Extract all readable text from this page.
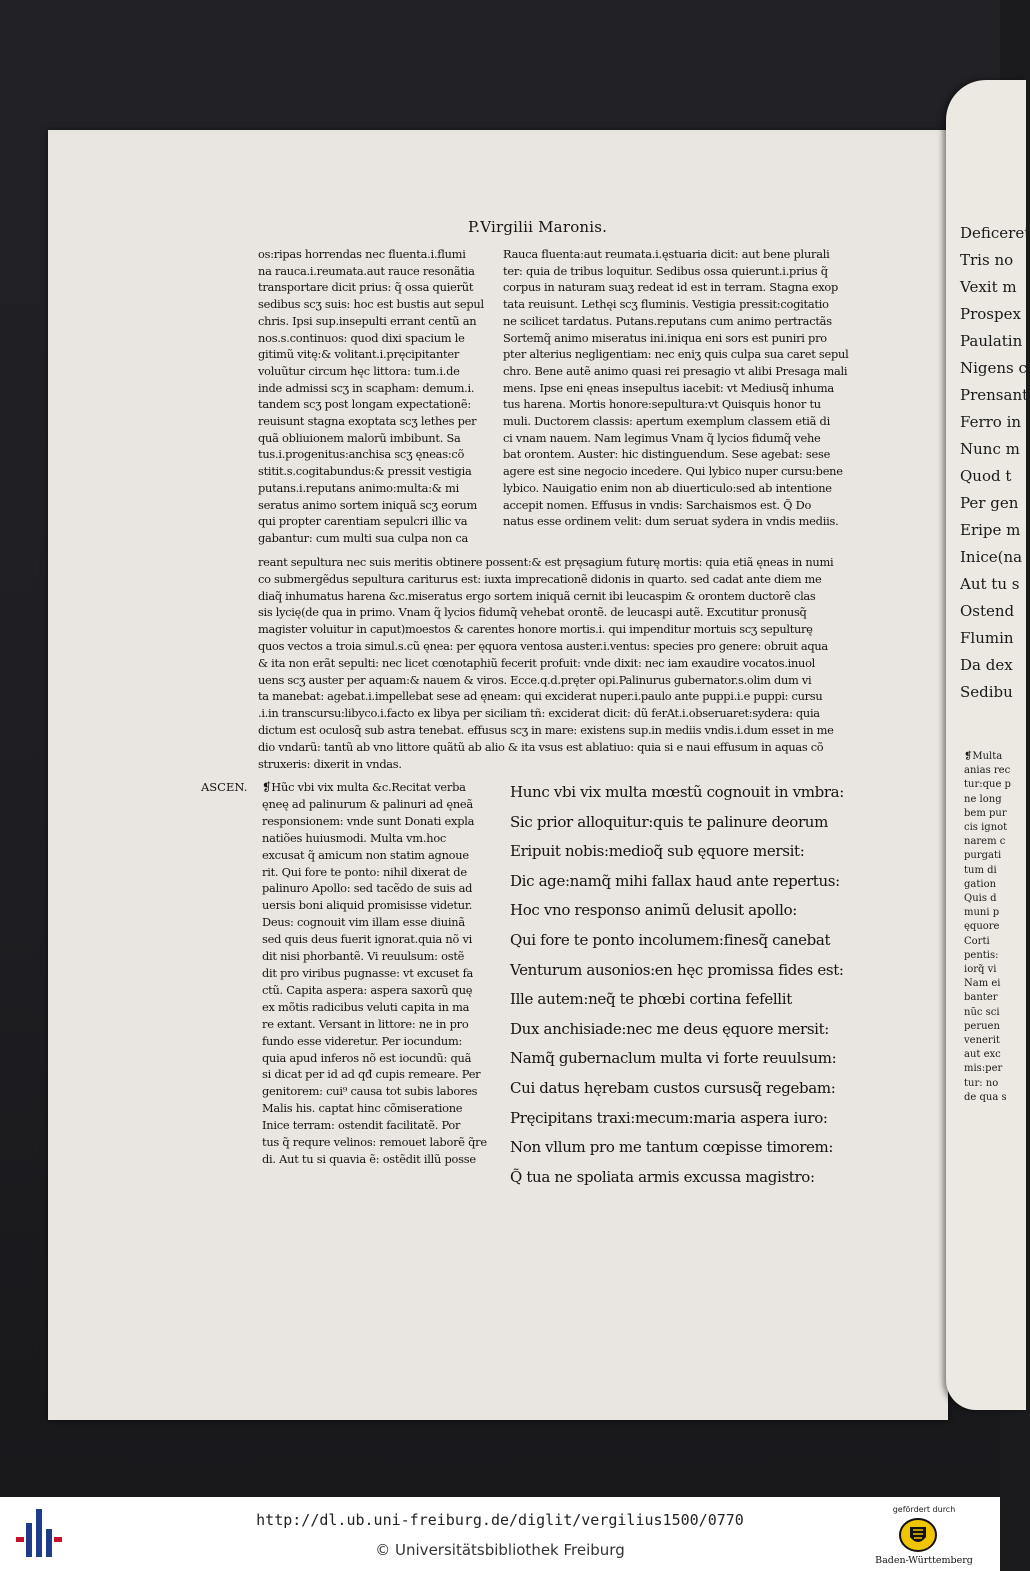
P.Virgilii Maronis.
os:ripas horrendas nec fluenta.i.flumi
na rauca.i.reumata.aut rauce resonãtia
transportare dicit prius: q̃ ossa quierũt
sedibus scʒ suis: hoc est bustis aut sepul
chris. Ipsi sup.insepulti errant centũ an
nos.s.continuos: quod dixi spacium le
gitimũ vitę:& volitant.i.pręcipitanter
voluũtur circum hęc littora: tum.i.de
inde admissi scʒ in scapham: demum.i.
tandem scʒ post longam expectationẽ:
reuisunt stagna exoptata scʒ lethes per
quã obliuionem malorũ imbibunt. Sa
tus.i.progenitus:anchisa scʒ ęneas:cõ
stitit.s.cogitabundus:& pressit vestigia
putans.i.reputans animo:multa:& mi
seratus animo sortem iniquã scʒ eorum
qui propter carentiam sepulcri illic va
gabantur: cum multi sua culpa non ca
Rauca fluenta:aut reumata.i.ęstuaria dicit: aut bene plurali
ter: quia de tribus loquitur. Sedibus ossa quierunt.i.prius q̃
corpus in naturam suaʒ redeat id est in terram. Stagna exop
tata reuisunt. Lethęi scʒ fluminis. Vestigia pressit:cogitatio
ne scilicet tardatus. Putans.reputans cum animo pertractãs
Sortemq̃ animo miseratus ini.iniqua eni sors est puniri pro
pter alterius negligentiam: nec eniʒ quis culpa sua caret sepul
chro. Bene autẽ animo quasi rei presagio vt alibi Presaga mali
mens. Ipse eni ęneas insepultus iacebit: vt Mediusq̃ inhuma
tus harena. Mortis honore:sepultura:vt Quisquis honor tu
muli. Ductorem classis: apertum exemplum classem etiã di
ci vnam nauem. Nam legimus Vnam q̃ lycios fidumq̃ vehe
bat orontem. Auster: hic distinguendum. Sese agebat: sese
agere est sine negocio incedere. Qui lybico nuper cursu:bene
lybico. Nauigatio enim non ab diuerticulo:sed ab intentione
accepit nomen. Effusus in vndis: Sarchaismos est. Q̃ Do
natus esse ordinem velit: dum seruat sydera in vndis mediis.
reant sepultura nec suis meritis obtinere possent:& est pręsagium futurę mortis: quia etiã ęneas in numi
co submergẽdus sepultura cariturus est: iuxta imprecationẽ didonis in quarto. sed cadat ante diem me
diaq̃ inhumatus harena &c.miseratus ergo sortem iniquã cernit ibi leucaspim & orontem ductorẽ clas
sis lycię(de qua in primo. Vnam q̃ lycios fidumq̃ vehebat orontẽ. de leucaspi autẽ. Excutitur pronusq̃
magister voluitur in caput)moestos & carentes honore mortis.i. qui impenditur mortuis scʒ sepulturę
quos vectos a troia simul.s.cũ ęnea: per ęquora ventosa auster.i.ventus: species pro genere: obruit aqua
& ita non erãt sepulti: nec licet cœnotaphiũ fecerit profuit: vnde dixit: nec iam exaudire vocatos.inuol
uens scʒ auster per aquam:& nauem & viros. Ecce.q.d.pręter opi.Palinurus gubernator.s.olim dum vi
ta manebat: agebat.i.impellebat sese ad ęneam: qui exciderat nuper.i.paulo ante puppi.i.e puppi: cursu
.i.in transcursu:libyco.i.facto ex libya per siciliam tñ: exciderat dicit: dũ ferAt.i.obseruaret:sydera: quia
dictum est oculosq̃ sub astra tenebat. effusus scʒ in mare: existens sup.in mediis vndis.i.dum esset in me
dio vndarũ: tantũ ab vno littore quãtũ ab alio & ita vsus est ablatiuo: quia si e naui effusum in aquas cõ
struxeris: dixerit in vndas.
ASCEN. ❡Hũc vbi vix multa &c.Recitat verba
ęneę ad palinurum & palinuri ad ęneã
responsionem: vnde sunt Donati expla
natiões huiusmodi. Multa vm.hoc
excusat q̃ amicum non statim agnoue
rit. Qui fore te ponto: nihil dixerat de
palinuro Apollo: sed tacẽdo de suis ad
uersis boni aliquid promisisse videtur.
Deus: cognouit vim illam esse diuinã
sed quis deus fuerit ignorat.quia nõ vi
dit nisi phorbantẽ. Vi reuulsum: ostẽ
dit pro viribus pugnasse: vt excuset fa
ctũ. Capita aspera: aspera saxorũ quę
ex mõtis radicibus veluti capita in ma
re extant. Versant in littore: ne in pro
fundo esse videretur. Per iocundum:
quia apud inferos nõ est iocundũ: quã
si dicat per id ad qđ cupis remeare. Per
genitorem: cui⁹ causa tot subis labores
Malis his. captat hinc cõmiseratione
Inice terram: ostendit facilitatẽ. Por
tus q̃ requre velinos: remouet laborẽ q̃re
di. Aut tu si quavia ẽ: ostẽdit illũ posse
Hunc vbi vix multa mœstũ cognouit in vmbra:
Sic prior alloquitur:quis te palinure deorum
Eripuit nobis:medioq̃ sub ęquore mersit:
Dic age:namq̃ mihi fallax haud ante repertus:
Hoc vno responso animũ delusit apollo:
Qui fore te ponto incolumem:finesq̃ canebat
Venturum ausonios:en hęc promissa fides est:
Ille autem:neq̃ te phœbi cortina fefellit
Dux anchisiade:nec me deus ęquore mersit:
Namq̃ gubernaclum multa vi forte reuulsum:
Cui datus hęrebam custos cursusq̃ regebam:
Pręcipitans traxi:mecum:maria aspera iuro:
Non vllum pro me tantum cœpisse timorem:
Q̃ tua ne spoliata armis excussa magistro:
Deficeret
Tris no
Vexit m
Prospex
Paulatin
Nigens c
Prensant
Ferro in
Nunc m
Quod t
Per gen
Eripe m
Inice(na
Aut tu s
Ostend
Flumin
Da dex
Sedibu
❡Multa
anias rec
tur:que p
ne long
bem pur
cis ignot
narem c
purgati
tum di
gation
Quis d
muni p
ęquore
Corti
pentis:
iorq̃ vi
Nam ei
banter
nũc sci
peruen
venerit
aut exc
mis:per
tur: no
de qua s
http://dl.ub.uni-freiburg.de/diglit/vergilius1500/0770
© Universitätsbibliothek Freiburg
gefördert durch
Baden-Württemberg
